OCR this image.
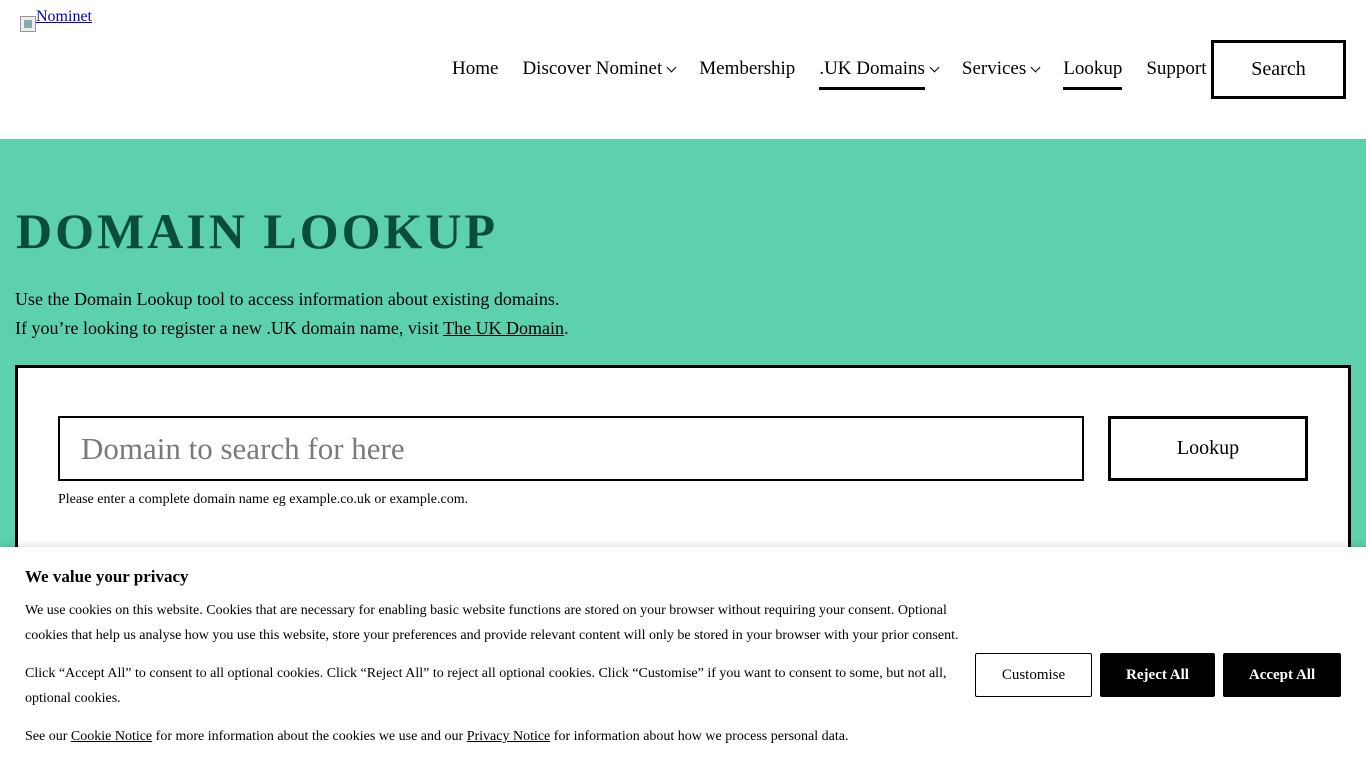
Nominet
Home Discover Nominet Membership .UK Domains Services Lookup Support	Search
DOMAIN LOOKUP
Use the Domain Lookup tool to access information about existing domains.
If you’re looking to register a new .UK domain name, visit The UK Domain.
Domain to search for here
Lookup
Please enter a complete domain name eg example.co.uk or example.com.
We value your privacy

We use cookies on this website. Cookies that are necessary for enabling basic website functions are stored on your browser without requiring your consent. Optional cookies that help us analyse how you use this website, store your preferences and provide relevant content will only be stored in your browser with your prior consent.

Click “Accept All” to consent to all optional cookies. Click “Reject All” to reject all optional cookies. Click “Customise” if you want to consent to some, but not all, optional cookies.

See our Cookie Notice for more information about the cookies we use and our Privacy Notice for information about how we process personal data.

Customise	Reject All	Accept All
